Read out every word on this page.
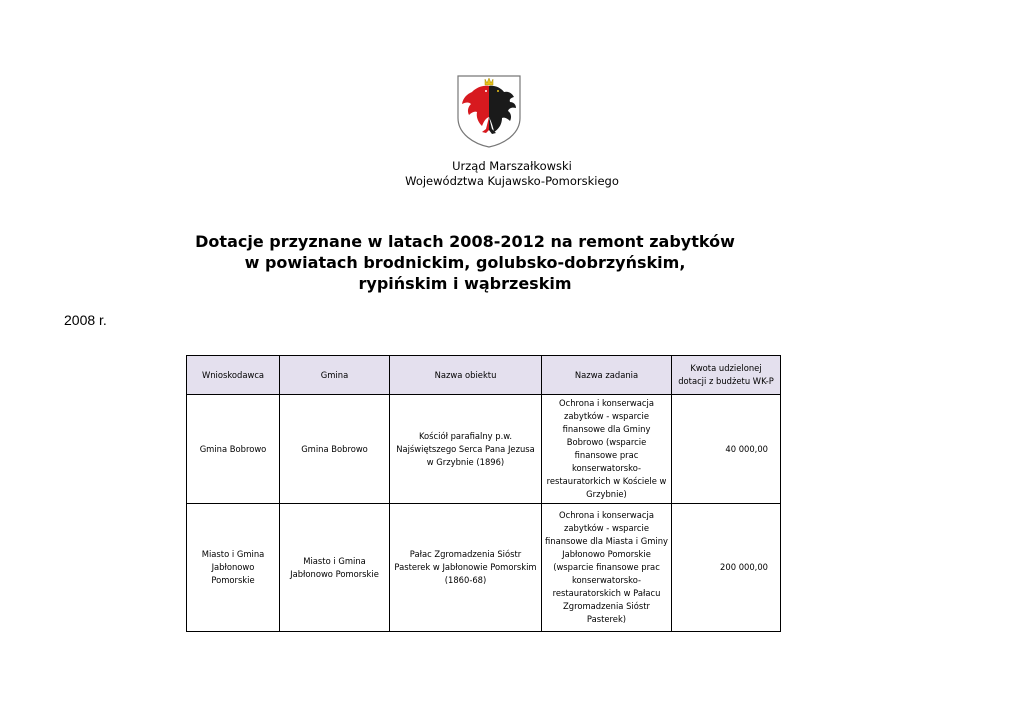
Urząd Marszałkowski
Województwa Kujawsko-Pomorskiego
Dotacje przyznane w latach 2008-2012 na remont zabytków
w powiatach brodnickim, golubsko-dobrzyńskim,
rypińskim i wąbrzeskim
2008 r.
Wnioskodawca	Gmina	Nazwa obiektu	Nazwa zadania	Kwota udzielonej dotacji z budżetu WK-P
Gmina Bobrowo	Gmina Bobrowo	Kościół parafialny p.w. Najświętszego Serca Pana Jezusa w Grzybnie (1896)	Ochrona i konserwacja zabytków - wsparcie finansowe dla Gminy Bobrowo (wsparcie finansowe prac konserwatorsko-restauratorkich w Kościele w Grzybnie)	40 000,00
Miasto i Gmina Jabłonowo Pomorskie	Miasto i Gmina Jabłonowo Pomorskie	Pałac Zgromadzenia Sióstr Pasterek w Jabłonowie Pomorskim (1860-68)	Ochrona i konserwacja zabytków - wsparcie finansowe dla Miasta i Gminy Jabłonowo Pomorskie (wsparcie finansowe prac konserwatorsko-restauratorskich w Pałacu Zgromadzenia Sióstr Pasterek)	200 000,00
